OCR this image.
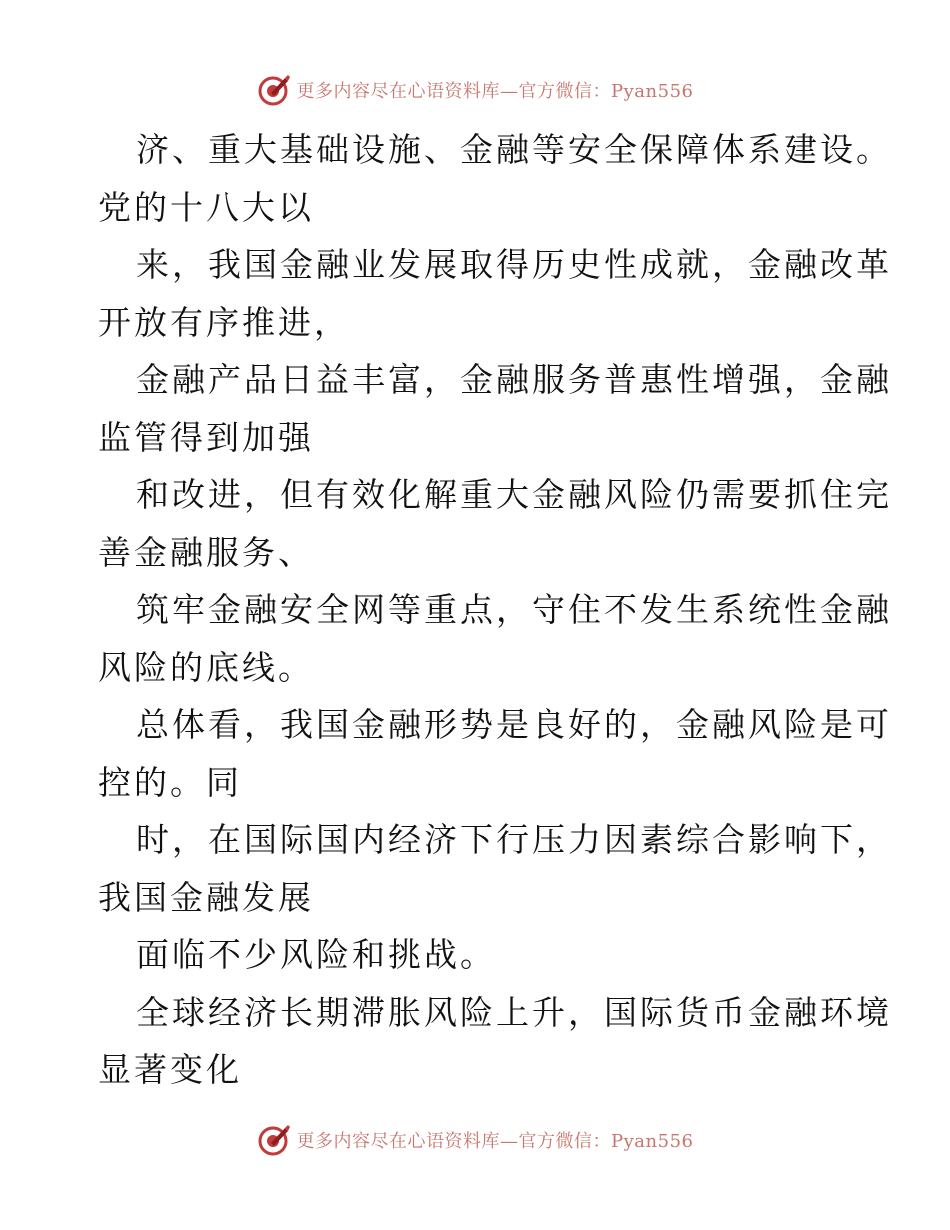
更多内容尽在心语资料库—官方微信：Pyan556
济、重大基础设施、金融等安全保障体系建设。
党的十八大以
来，我国金融业发展取得历史性成就，金融改革
开放有序推进，
金融产品日益丰富，金融服务普惠性增强，金融
监管得到加强
和改进，但有效化解重大金融风险仍需要抓住完
善金融服务、
筑牢金融安全网等重点，守住不发生系统性金融
风险的底线。
总体看，我国金融形势是良好的，金融风险是可
控的。同
时，在国际国内经济下行压力因素综合影响下，
我国金融发展
面临不少风险和挑战。
全球经济长期滞胀风险上升，国际货币金融环境
显著变化
更多内容尽在心语资料库—官方微信：Pyan556
